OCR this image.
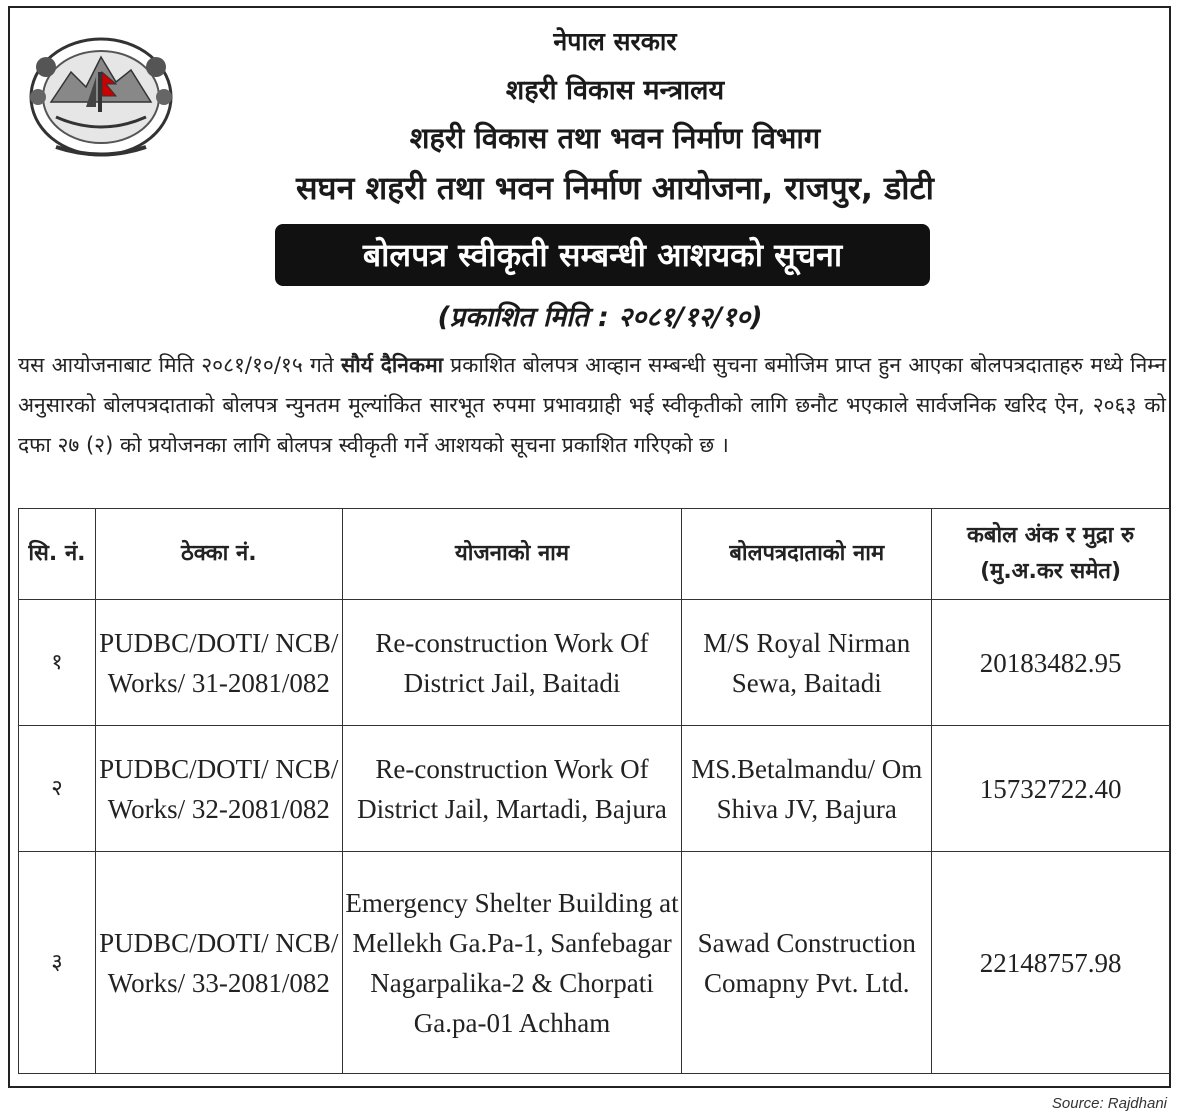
नेपाल सरकार
शहरी विकास मन्त्रालय
शहरी विकास तथा भवन निर्माण विभाग
सघन शहरी तथा भवन निर्माण आयोजना, राजपुर, डोटी
बोलपत्र स्वीकृती सम्बन्धी आशयको सूचना
(प्रकाशित मिति : २०८१/१२/१०)
यस आयोजनाबाट मिति २०८१/१०/१५ गते सौर्य दैनिकमा प्रकाशित बोलपत्र आव्हान सम्बन्धी सुचना बमोजिम प्राप्त हुन आएका बोलपत्रदाताहरु मध्ये निम्न अनुसारको बोलपत्रदाताको बोलपत्र न्युनतम मूल्यांकित सारभूत रुपमा प्रभावग्राही भई स्वीकृतीको लागि छनौट भएकाले सार्वजनिक खरिद ऐन, २०६३ को दफा २७ (२) को प्रयोजनका लागि बोलपत्र स्वीकृती गर्ने आशयको सूचना प्रकाशित गरिएको छ ।
सि. नं.	ठेक्का नं.	योजनाको नाम	बोलपत्रदाताको नाम	कबोल अंक र मुद्रा रु (मु.अ.कर समेत)
१	PUDBC/DOTI/ NCB/ Works/ 31-2081/082	Re-construction Work Of District Jail, Baitadi	M/S Royal Nirman Sewa, Baitadi	20183482.95
२	PUDBC/DOTI/ NCB/ Works/ 32-2081/082	Re-construction Work Of District Jail, Martadi, Bajura	MS.Betalmandu/ Om Shiva JV, Bajura	15732722.40
३	PUDBC/DOTI/ NCB/ Works/ 33-2081/082	Emergency Shelter Building at Mellekh Ga.Pa-1, Sanfebagar Nagarpalika-2 & Chorpati Ga.pa-01 Achham	Sawad Construction Comapny Pvt. Ltd.	22148757.98
Source: Rajdhani
